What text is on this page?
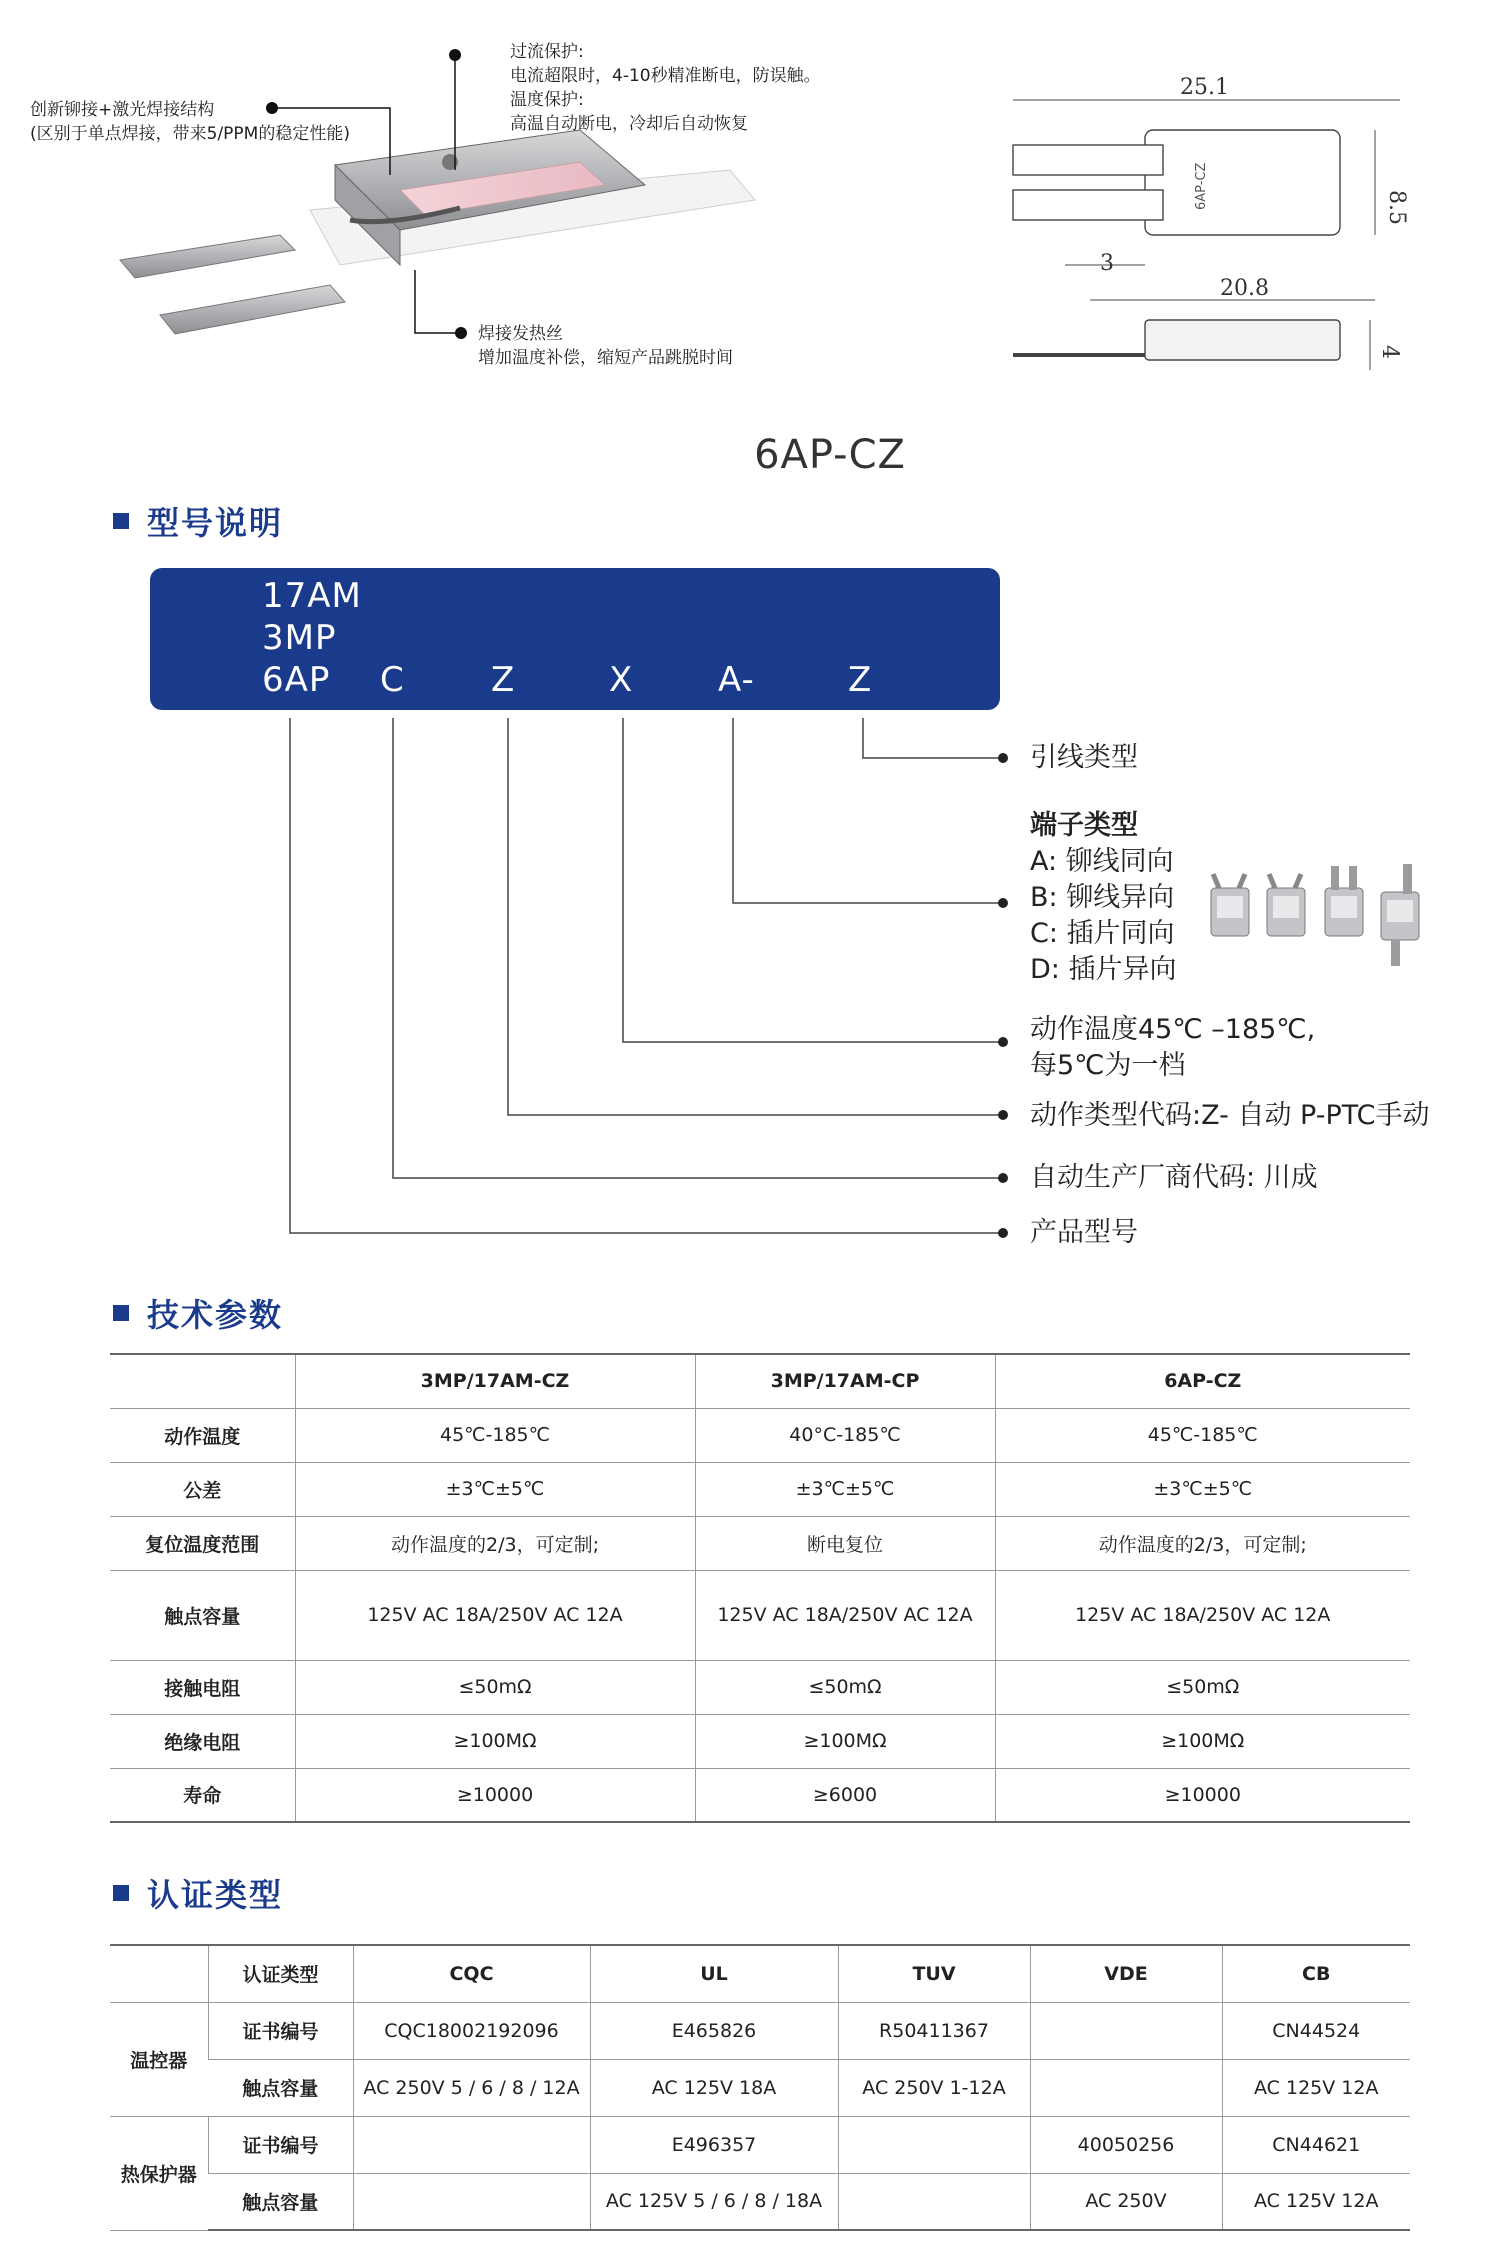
创新铆接+激光焊接结构
(区别于单点焊接，带来5/PPM的稳定性能)
过流保护:
电流超限时，4-10秒精准断电，防误触。
温度保护:
高温自动断电，冷却后自动恢复
焊接发热丝
增加温度补偿，缩短产品跳脱时间
6AP-CZ
25.1
8.5
3
20.8
4
6AP-CZ
型号说明
17AM
3MP
6AP C	Z	X A-	Z
引线类型
端子类型
A: 铆线同向
B: 铆线异向
C: 插片同向
D: 插片异向
动作温度45℃ –185℃,
每5℃为一档
动作类型代码:Z- 自动 P-PTC手动
自动生产厂商代码: 川成
产品型号
技术参数
	3MP/17AM-CZ	3MP/17AM-CP	6AP-CZ
动作温度	45℃-185℃	40°C-185℃	45℃-185℃
公差	±3℃±5℃	±3℃±5℃	±3℃±5℃
复位温度范围	动作温度的2/3，可定制;	断电复位	动作温度的2/3，可定制;
触点容量	125V AC 18A/250V AC 12A	125V AC 18A/250V AC 12A	125V AC 18A/250V AC 12A
接触电阻	≤50mΩ	≤50mΩ	≤50mΩ
绝缘电阻	≥100MΩ	≥100MΩ	≥100MΩ
寿命	≥10000	≥6000	≥10000
认证类型
	认证类型	CQC	UL	TUV	VDE	CB
温控器	证书编号	CQC18002192096	E465826	R50411367		CN44524
	触点容量	AC 250V 5 / 6 / 8 / 12A	AC 125V 18A	AC 250V 1-12A		AC 125V 12A
热保护器	证书编号		E496357		40050256	CN44621
	触点容量		AC 125V 5 / 6 / 8 / 18A		AC 250V	AC 125V 12A
